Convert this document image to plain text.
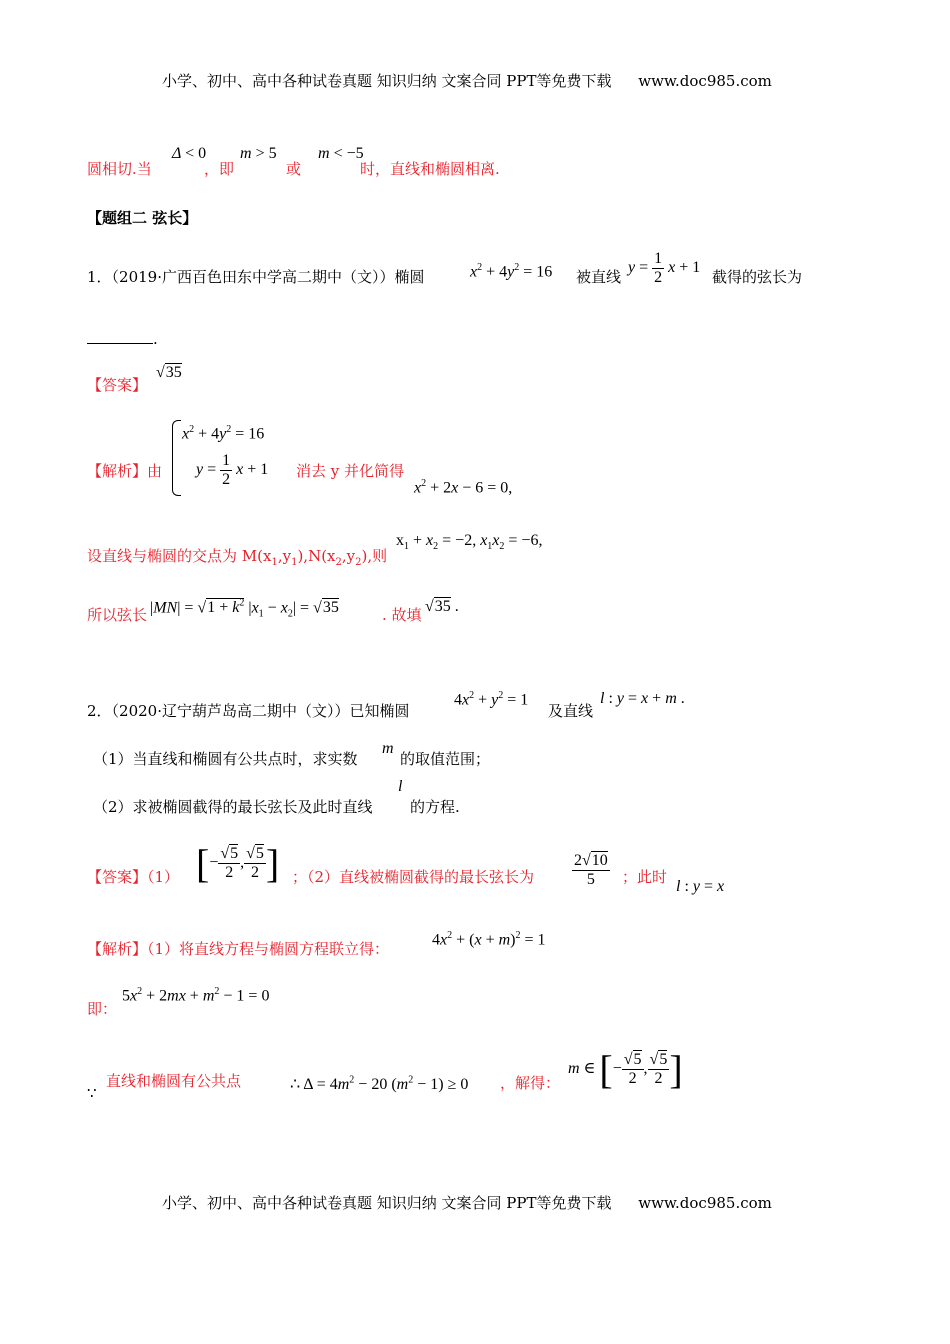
小学、初中、高中各种试卷真题 知识归纳 文案合同 PPT等免费下载 www.doc985.com
圆相切.当
Δ < 0
，即
m > 5
或
m < −5
时，直线和椭圆相离.
【题组二 弦长】
1．（2019·广西百色田东中学高二期中（文））椭圆	$x^2 + 4y^2 = 16$ 被直线
$y = \frac{1}{2}$ x + 1
截得的弦长为
.
【答案】
√35
【解析】由
$x^2 + 4y^2 = 16$
$y = \frac{1}{2}$ x + 1 消去 y 并化简得
$x^2 + 2x - 6 = 0$,
设直线与椭圆的交点为 $M(x_1,y_1),N(x_2,y_2)$,则
$x_1 + x_2 = -2$, $x_1x_2 = -6$,
所以弦长 $|MN| = √1 + k^2$ $|x_1 - x_2| = √35$	. 故填 √35 .
2．（2020·辽宁葫芦岛高二期中（文））已知椭圆
$4x^2 + y^2 = 1$
及直线
l : y = x + m .
（1）当直线和椭圆有公共点时，求实数
m
的取值范围；
（2）求被椭圆截得的最长弦长及此时直线
l
的方程.
【答案】（1） [− $\frac{√5}{2}$ , $\frac{√5}{2}$ ] ；（2）直线被椭圆截得的最长弦长为 $\frac{2√10}{5}$ ；此时
l : y = x
【解析】（1）将直线方程与椭圆方程联立得：
$4x^2 + (x + m)^2 = 1$
即：
$5x^2 + 2mx + m^2 - 1 = 0$
∵
直线和椭圆有公共点	∴ $\Delta = 4m^2 - 20$ $(m^2 - 1) \ge 0$ ，解得：
m ∈ [− $\frac{√5}{2}$ , $\frac{√5}{2}$ ]
小学、初中、高中各种试卷真题 知识归纳 文案合同 PPT等免费下载 www.doc985.com
